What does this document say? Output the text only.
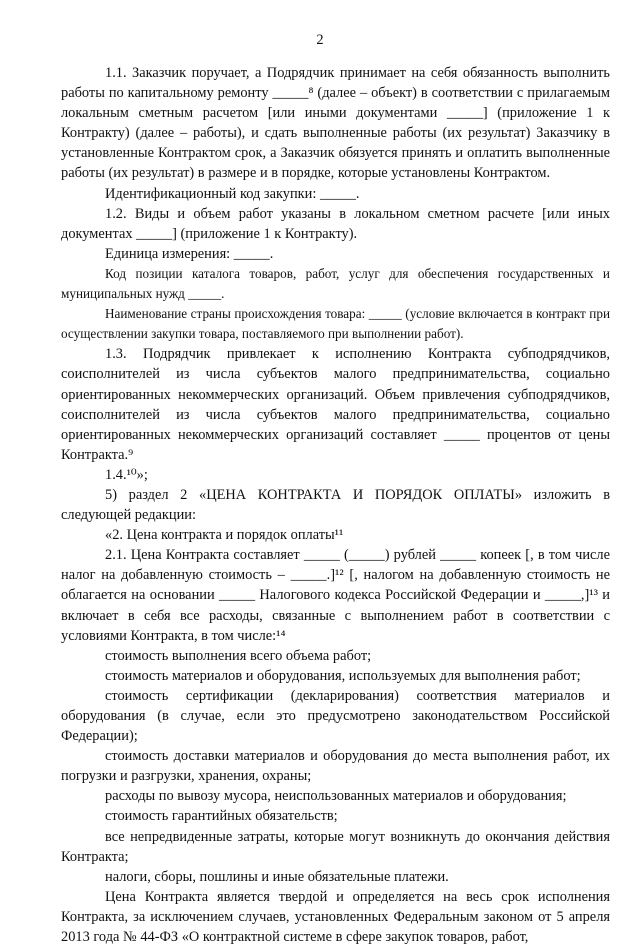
2

1.1. Заказчик поручает, а Подрядчик принимает на себя обязанность выполнить работы по капитальному ремонту _____⁸ (далее – объект) в соответствии с прилагаемым локальным сметным расчетом [или иными документами _____] (приложение 1 к Контракту) (далее – работы), и сдать выполненные работы (их результат) Заказчику в установленные Контрактом срок, а Заказчик обязуется принять и оплатить выполненные работы (их результат) в размере и в порядке, которые установлены Контрактом.

Идентификационный код закупки: _____.

1.2. Виды и объем работ указаны в локальном сметном расчете [или иных документах _____] (приложение 1 к Контракту).

Единица измерения: _____.

Код позиции каталога товаров, работ, услуг для обеспечения государственных и муниципальных нужд _____.

Наименование страны происхождения товара: _____ (условие включается в контракт при осуществлении закупки товара, поставляемого при выполнении работ).

1.3. Подрядчик привлекает к исполнению Контракта субподрядчиков, соисполнителей из числа субъектов малого предпринимательства, социально ориентированных некоммерческих организаций. Объем привлечения субподрядчиков, соисполнителей из числа субъектов малого предпринимательства, социально ориентированных некоммерческих организаций составляет _____ процентов от цены Контракта.⁹

1.4.¹⁰»;

5) раздел 2 «ЦЕНА КОНТРАКТА И ПОРЯДОК ОПЛАТЫ» изложить в следующей редакции:

«2. Цена контракта и порядок оплаты¹¹

2.1. Цена Контракта составляет _____ (_____) рублей _____ копеек [, в том числе налог на добавленную стоимость – _____.]¹² [, налогом на добавленную стоимость не облагается на основании _____ Налогового кодекса Российской Федерации и _____,]¹³ и включает в себя все расходы, связанные с выполнением работ в соответствии с условиями Контракта, в том числе:¹⁴

стоимость выполнения всего объема работ;

стоимость материалов и оборудования, используемых для выполнения работ;

стоимость сертификации (декларирования) соответствия материалов и оборудования (в случае, если это предусмотрено законодательством Российской Федерации);

стоимость доставки материалов и оборудования до места выполнения работ, их погрузки и разгрузки, хранения, охраны;

расходы по вывозу мусора, неиспользованных материалов и оборудования;

стоимость гарантийных обязательств;

все непредвиденные затраты, которые могут возникнуть до окончания действия Контракта;

налоги, сборы, пошлины и иные обязательные платежи.

Цена Контракта является твердой и определяется на весь срок исполнения Контракта, за исключением случаев, установленных Федеральным законом от 5 апреля 2013 года № 44-ФЗ «О контрактной системе в сфере закупок товаров, работ,
